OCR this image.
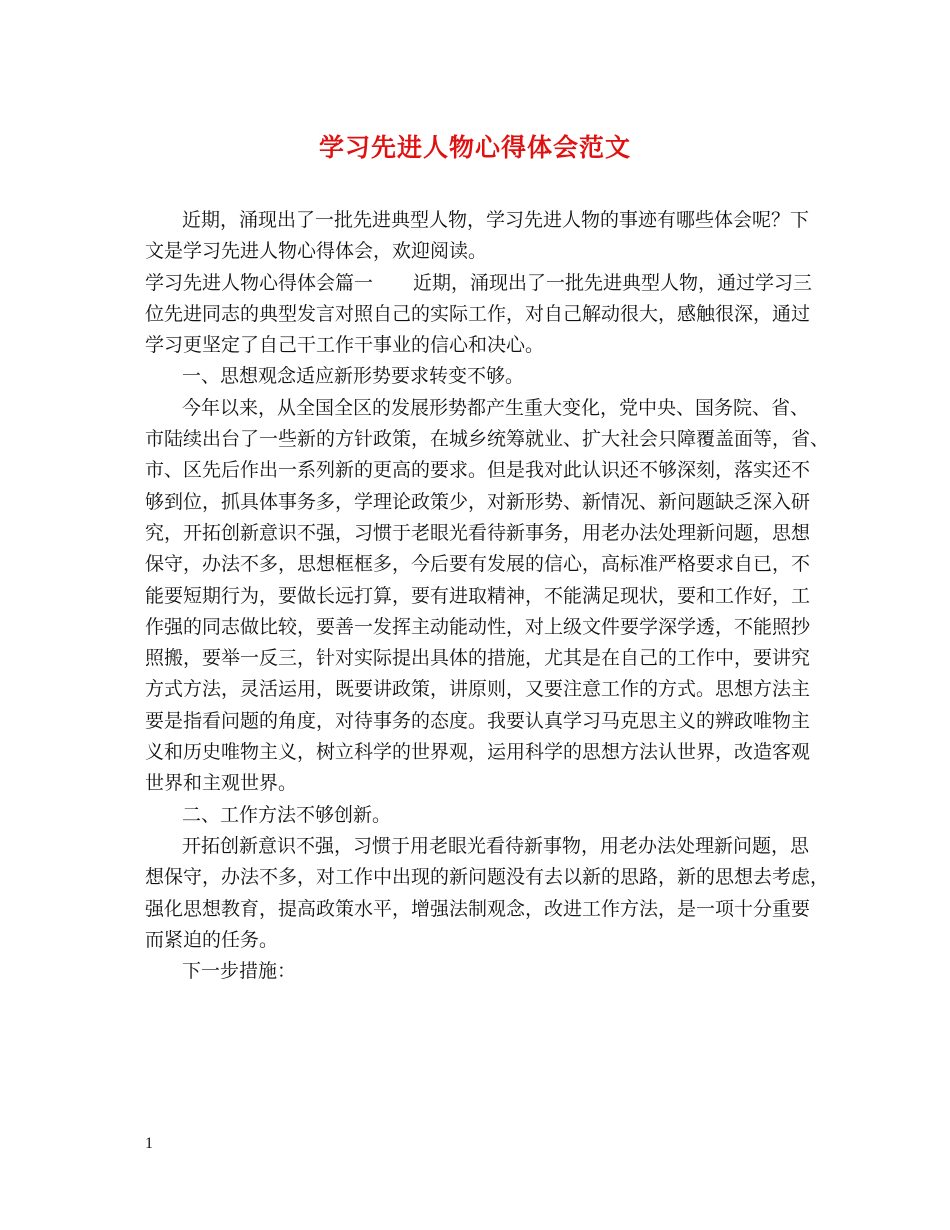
学习先进人物心得体会范文

近期，涌现出了一批先进典型人物，学习先进人物的事迹有哪些体会呢？下

文是学习先进人物心得体会，欢迎阅读。

学习先进人物心得体会篇一 近期，涌现出了一批先进典型人物，通过学习三

位先进同志的典型发言对照自己的实际工作，对自己解动很大，感触很深，通过

学习更坚定了自己干工作干事业的信心和决心。

一、思想观念适应新形势要求转变不够。

今年以来，从全国全区的发展形势都产生重大变化，党中央、国务院、省、

市陆续出台了一些新的方针政策，在城乡统筹就业、扩大社会只障覆盖面等，省、

市、区先后作出一系列新的更高的要求。但是我对此认识还不够深刻，落实还不

够到位，抓具体事务多，学理论政策少，对新形势、新情况、新问题缺乏深入研

究，开拓创新意识不强，习惯于老眼光看待新事务，用老办法处理新问题，思想

保守，办法不多，思想框框多，今后要有发展的信心，高标准严格要求自已，不

能要短期行为，要做长远打算，要有进取精神，不能满足现状，要和工作好，工

作强的同志做比较，要善一发挥主动能动性，对上级文件要学深学透，不能照抄

照搬，要举一反三，针对实际提出具体的措施，尤其是在自己的工作中，要讲究

方式方法，灵活运用，既要讲政策，讲原则，又要注意工作的方式。思想方法主

要是指看问题的角度，对待事务的态度。我要认真学习马克思主义的辨政唯物主

义和历史唯物主义，树立科学的世界观，运用科学的思想方法认世界，改造客观

世界和主观世界。

二、工作方法不够创新。

开拓创新意识不强，习惯于用老眼光看待新事物，用老办法处理新问题，思

想保守，办法不多，对工作中出现的新问题没有去以新的思路，新的思想去考虑，

强化思想教育，提高政策水平，增强法制观念，改进工作方法，是一项十分重要

而紧迫的任务。

下一步措施：

1
